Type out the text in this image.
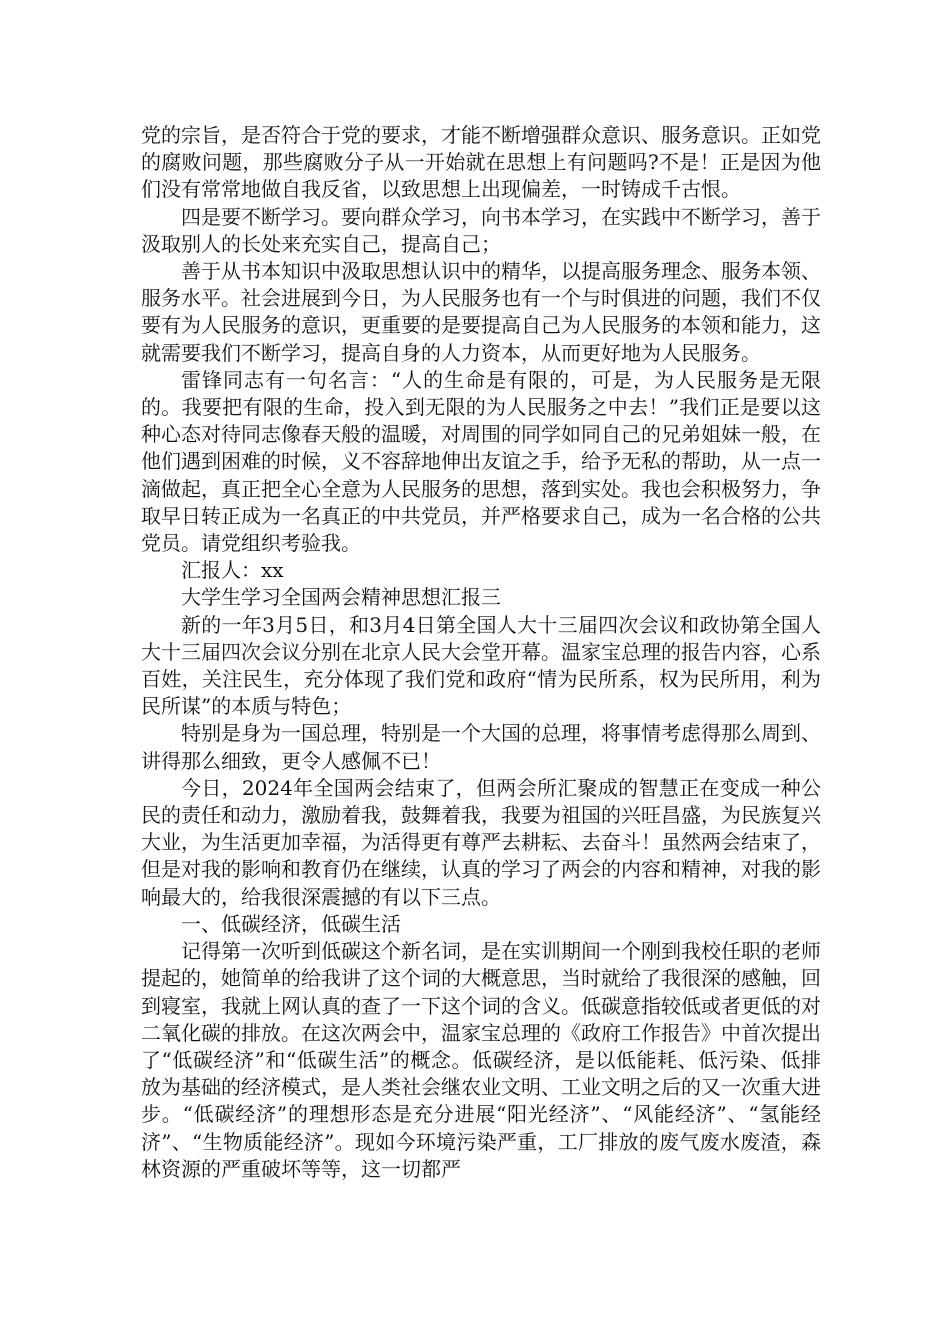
党的宗旨，是否符合于党的要求，才能不断增强群众意识、服务意识。正如党的腐败问题，那些腐败分子从一开始就在思想上有问题吗?不是！正是因为他们没有常常地做自我反省，以致思想上出现偏差，一时铸成千古恨。

四是要不断学习。要向群众学习，向书本学习，在实践中不断学习，善于汲取别人的长处来充实自己，提高自己；

善于从书本知识中汲取思想认识中的精华，以提高服务理念、服务本领、服务水平。社会进展到今日，为人民服务也有一个与时俱进的问题，我们不仅要有为人民服务的意识，更重要的是要提高自己为人民服务的本领和能力，这就需要我们不断学习，提高自身的人力资本，从而更好地为人民服务。

雷锋同志有一句名言：“人的生命是有限的，可是，为人民服务是无限的。我要把有限的生命，投入到无限的为人民服务之中去！”我们正是要以这种心态对待同志像春天般的温暖，对周围的同学如同自己的兄弟姐妹一般，在他们遇到困难的时候，义不容辞地伸出友谊之手，给予无私的帮助，从一点一滴做起，真正把全心全意为人民服务的思想，落到实处。我也会积极努力，争取早日转正成为一名真正的中共党员，并严格要求自己，成为一名合格的公共党员。请党组织考验我。

汇报人：xx

大学生学习全国两会精神思想汇报三

新的一年3月5日，和3月4日第全国人大十三届四次会议和政协第全国人大十三届四次会议分别在北京人民大会堂开幕。温家宝总理的报告内容，心系百姓，关注民生，充分体现了我们党和政府“情为民所系，权为民所用，利为民所谋”的本质与特色；

特别是身为一国总理，特别是一个大国的总理，将事情考虑得那么周到、讲得那么细致，更令人感佩不已！

今日，2024年全国两会结束了，但两会所汇聚成的智慧正在变成一种公民的责任和动力，激励着我，鼓舞着我，我要为祖国的兴旺昌盛，为民族复兴大业，为生活更加幸福，为活得更有尊严去耕耘、去奋斗！虽然两会结束了，但是对我的影响和教育仍在继续，认真的学习了两会的内容和精神，对我的影响最大的，给我很深震撼的有以下三点。

一、低碳经济，低碳生活

记得第一次听到低碳这个新名词，是在实训期间一个刚到我校任职的老师提起的，她简单的给我讲了这个词的大概意思，当时就给了我很深的感触，回到寝室，我就上网认真的查了一下这个词的含义。低碳意指较低或者更低的对二氧化碳的排放。在这次两会中，温家宝总理的《政府工作报告》中首次提出了“低碳经济”和“低碳生活”的概念。低碳经济，是以低能耗、低污染、低排放为基础的经济模式，是人类社会继农业文明、工业文明之后的又一次重大进步。“低碳经济”的理想形态是充分进展“阳光经济”、“风能经济”、“氢能经济”、“生物质能经济”。现如今环境污染严重，工厂排放的废气废水废渣，森林资源的严重破坏等等，这一切都严
